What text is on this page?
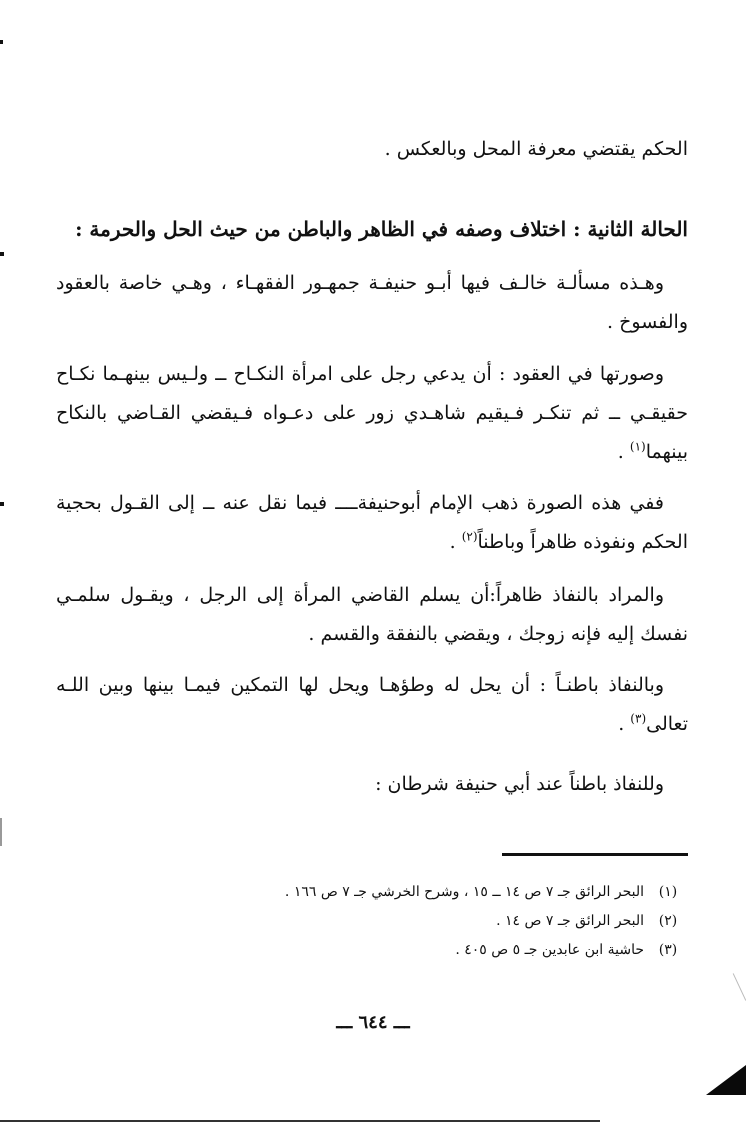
الحكم يقتضي معرفة المحل وبالعكس .
الحالة الثانية : اختلاف وصفه في الظاهر والباطن من حيث الحل والحرمة :
وهـذه مسألـة خالـف فيها أبـو حنيفـة جمهـور الفقهـاء ، وهـي خاصة بالعقود والفسوخ .
وصورتها في العقود : أن يدعي رجل على امرأة النكـاح ــ ولـيس بينهـما نكـاح حقيقـي ــ ثم تنكـر فـيقيم شاهـدي زور على دعـواه فـيقضي القـاضي بالنكاح بينهما$^{(١)}$ .
ففي هذه الصورة ذهب الإمام أبوحنيفةــــ فيما نقل عنه ــ إلى القـول بحجية الحكم ونفوذه ظاهراً وباطناً$^{(٢)}$ .
والمراد بالنفاذ ظاهراً:أن يسلم القاضي المرأة إلى الرجل ، ويقـول سلمـي نفسك إليه فإنه زوجك ، ويقضي بالنفقة والقسم .
وبالنفاذ باطنـاً : أن يحل له وطؤهـا ويحل لها التمكين فيمـا بينها وبين اللـه تعالى$^{(٣)}$ .
وللنفاذ باطناً عند أبي حنيفة شرطان :
(١)
البحر الرائق جـ ٧ ص ١٤ ــ ١٥ ، وشرح الخرشي جـ ٧ ص ١٦٦ .
(٢)
البحر الرائق جـ ٧ ص ١٤ .
(٣)
حاشية ابن عابدين جـ ٥ ص ٤٠٥ .
ـــ ٦٤٤ ـــ
